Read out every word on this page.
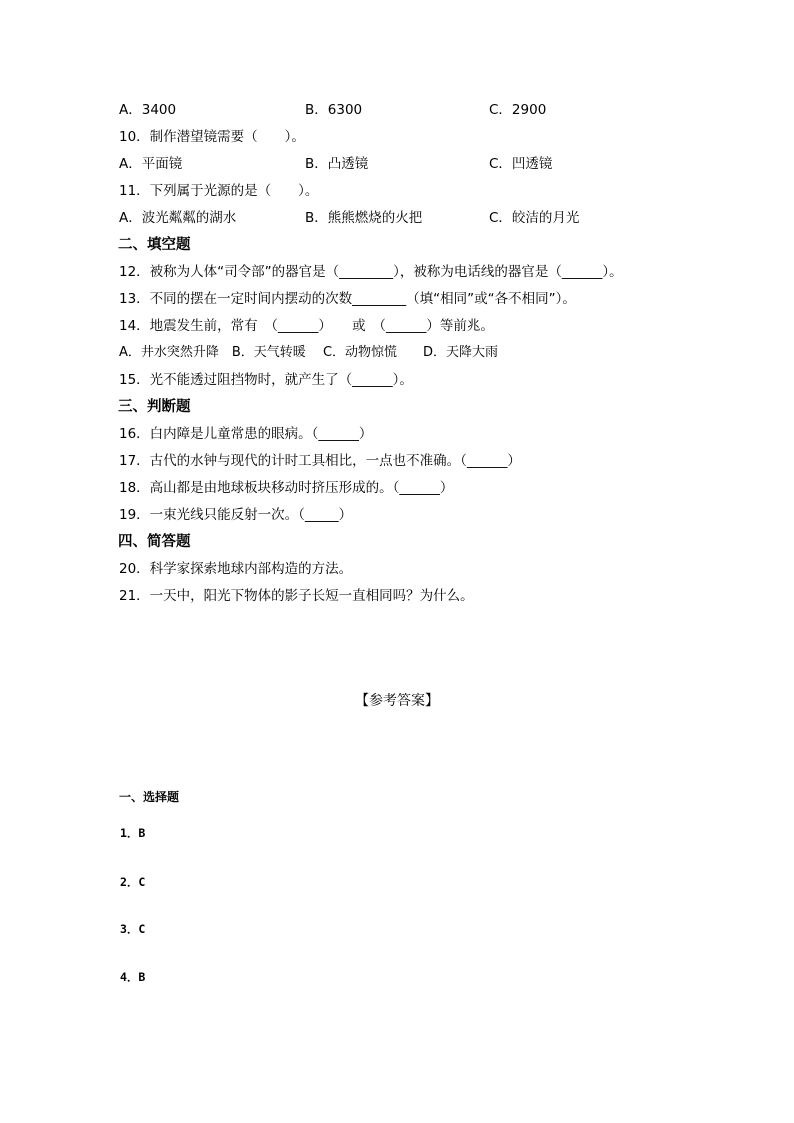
A．3400	B．6300	C．2900
10．制作潜望镜需要（　　）。
A．平面镜	B．凸透镜	C．凹透镜
11．下列属于光源的是（　　）。
A．波光粼粼的湖水	B．熊熊燃烧的火把	C．皎洁的月光
二、填空题
12．被称为人体“司令部”的器官是（________），被称为电话线的器官是（______）。
13．不同的摆在一定时间内摆动的次数________（填“相同”或“各不相同”）。
14．地震发生前，常有　（______）　　或　（______）等前兆。
A．井水突然升降　B．天气转暖　 C．动物惊慌　　D．天降大雨
15．光不能透过阻挡物时，就产生了（______）。
三、判断题
16．白内障是儿童常患的眼病。（______）
17．古代的水钟与现代的计时工具相比，一点也不准确。（______）
18．高山都是由地球板块移动时挤压形成的。（______）
19．一束光线只能反射一次。（_____）
四、简答题
20．科学家探索地球内部构造的方法。
21．一天中，阳光下物体的影子长短一直相同吗？为什么。
【参考答案】
一、选择题
1．B
2．C
3．C
4．B
